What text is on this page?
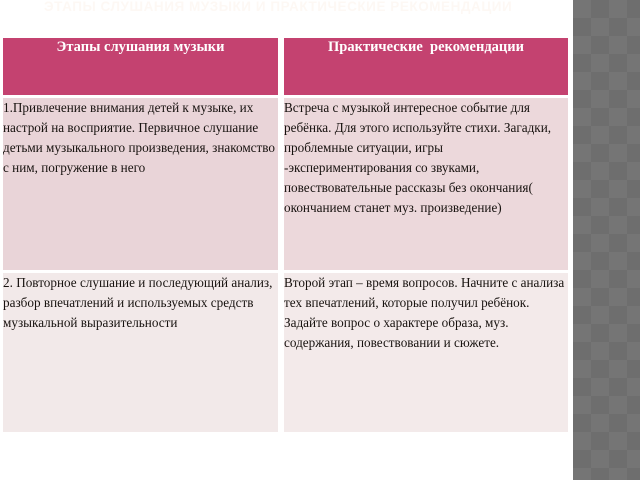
ЭТАПЫ СЛУШАНИЯ МУЗЫКИ И ПРАКТИЧЕСКИЕ РЕКОМЕНДАЦИИ
Этапы слушания музыки		Практические  рекомендации

1.Привлечение внимания детей к музыке, их настрой на восприятие. Первичное слушание детьми музыкального произведения, знакомство с ним, погружение в него		Встреча с музыкой интересное событие для ребёнка. Для этого используйте стихи. Загадки, проблемные ситуации, игры -экспериментирования со звуками, повествовательные рассказы без окончания( окончанием станет муз. произведение)

2. Повторное слушание и последующий анализ, разбор впечатлений и используемых средств музыкальной выразительности		Второй этап – время вопросов. Начните с анализа тех впечатлений, которые получил ребёнок. Задайте вопрос о характере образа, муз. содержания, повествовании и сюжете.
